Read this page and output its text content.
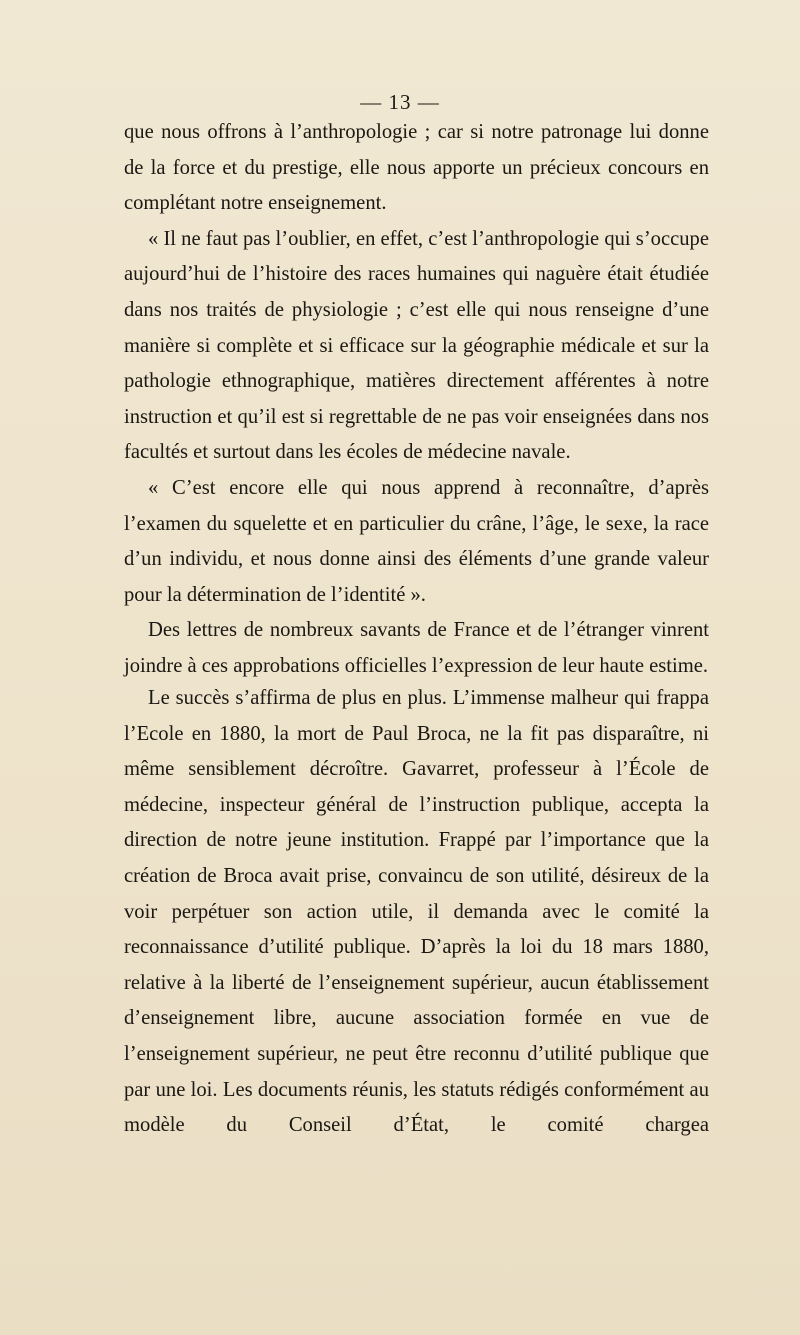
— 13 —

que nous offrons à l’anthropologie ; car si notre patronage lui donne de la force et du prestige, elle nous apporte un précieux concours en complétant notre enseignement.

« Il ne faut pas l’oublier, en effet, c’est l’anthropologie qui s’occupe aujourd’hui de l’histoire des races humaines qui naguère était étudiée dans nos traités de physiologie ; c’est elle qui nous renseigne d’une manière si complète et si efficace sur la géographie médicale et sur la pathologie ethnographique, matières directement afférentes à notre instruction et qu’il est si regrettable de ne pas voir enseignées dans nos facultés et surtout dans les écoles de médecine navale.

« C’est encore elle qui nous apprend à reconnaître, d’après l’examen du squelette et en particulier du crâne, l’âge, le sexe, la race d’un individu, et nous donne ainsi des éléments d’une grande valeur pour la détermination de l’identité ».

Des lettres de nombreux savants de France et de l’étranger vinrent joindre à ces approbations officielles l’expression de leur haute estime.

Le succès s’affirma de plus en plus. L’immense malheur qui frappa l’Ecole en 1880, la mort de Paul Broca, ne la fit pas disparaître, ni même sensiblement décroître. Gavarret, professeur à l’École de médecine, inspecteur général de l’instruction publique, accepta la direction de notre jeune institution. Frappé par l’importance que la création de Broca avait prise, convaincu de son utilité, désireux de la voir perpétuer son action utile, il demanda avec le comité la reconnaissance d’utilité publique. D’après la loi du 18 mars 1880, relative à la liberté de l’enseignement supérieur, aucun établissement d’enseignement libre, aucune association formée en vue de l’enseignement supérieur, ne peut être reconnu d’utilité publique que par une loi. Les documents réunis, les statuts rédigés conformément au modèle du Conseil d’État, le comité chargea
